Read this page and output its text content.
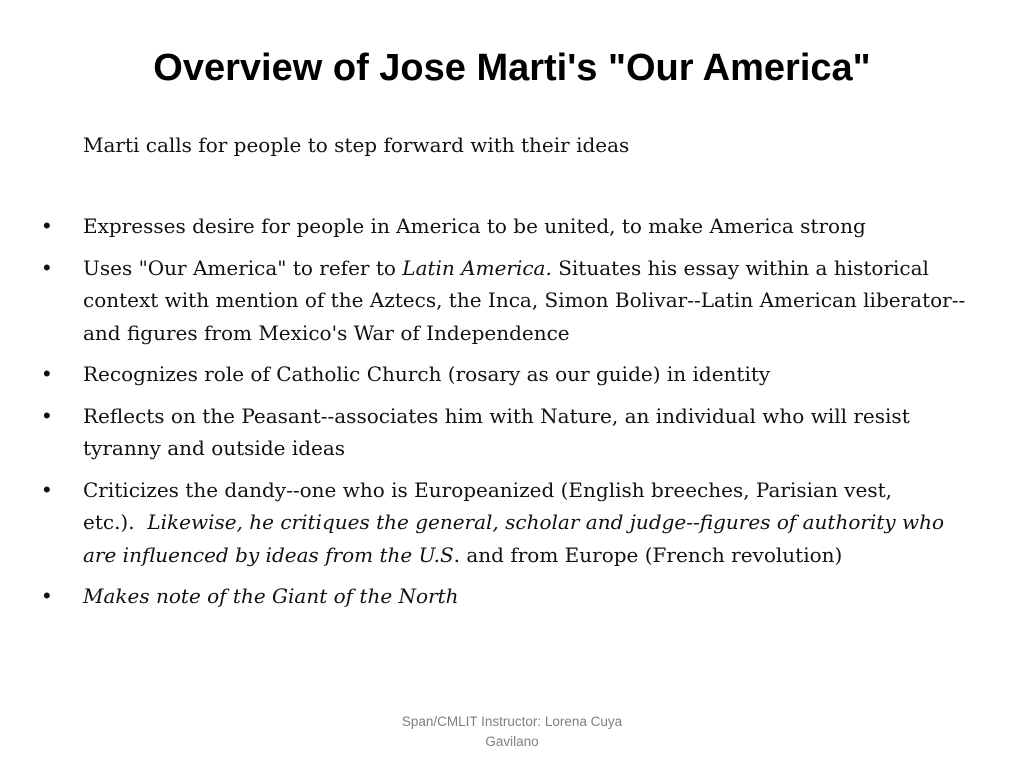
Overview of Jose Marti's "Our America"

Marti calls for people to step forward with their ideas

• Expresses desire for people in America to be united, to make America strong
• Uses "Our America" to refer to Latin America. Situates his essay within a historical context with mention of the Aztecs, the Inca, Simon Bolivar--Latin American liberator--and figures from Mexico's War of Independence
• Recognizes role of Catholic Church (rosary as our guide) in identity
• Reflects on the Peasant--associates him with Nature, an individual who will resist tyranny and outside ideas
• Criticizes the dandy--one who is Europeanized (English breeches, Parisian vest,
etc.).  Likewise, he critiques the general, scholar and judge--figures of authority who are influenced by ideas from the U.S. and from Europe (French revolution)
• Makes note of the Giant of the North
Span/CMLIT Instructor: Lorena Cuya
Gavilano
